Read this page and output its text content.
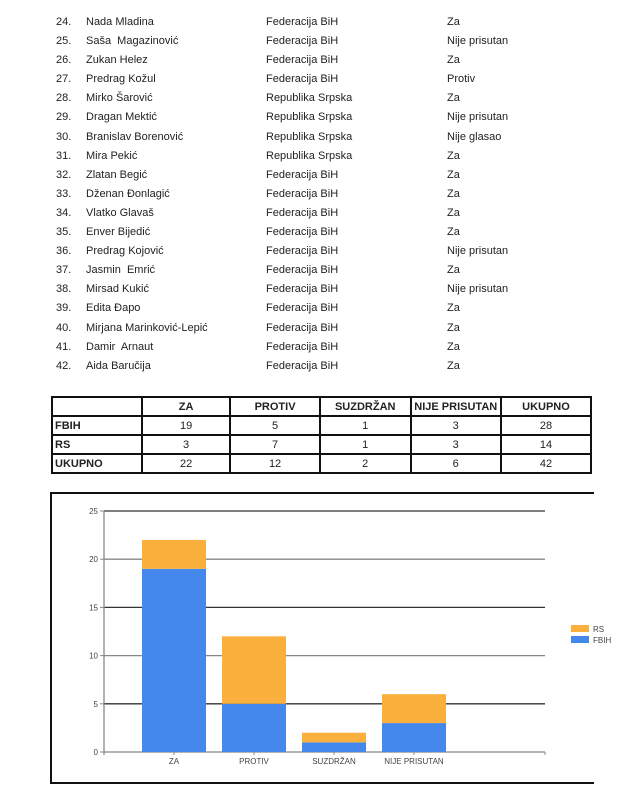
24. Nada Mladina	Federacija BiH	Za
25. Saša  Magazinović	Federacija BiH	Nije prisutan
26. Zukan Helez	Federacija BiH	Za
27. Predrag Kožul	Federacija BiH	Protiv
28. Mirko Šarović	Republika Srpska	Za
29. Dragan Mektić	Republika Srpska	Nije prisutan
30. Branislav Borenović	Republika Srpska	Nije glasao
31. Mira Pekić	Republika Srpska	Za
32. Zlatan Begić	Federacija BiH	Za
33. Dženan Đonlagić	Federacija BiH	Za
34. Vlatko Glavaš	Federacija BiH	Za
35. Enver Bijedić	Federacija BiH	Za
36. Predrag Kojović	Federacija BiH	Nije prisutan
37. Jasmin  Emrić	Federacija BiH	Za
38. Mirsad Kukić	Federacija BiH	Nije prisutan
39. Edita Đapo	Federacija BiH	Za
40. Mirjana Marinković-Lepić	Federacija BiH	Za
41. Damir  Arnaut	Federacija BiH	Za
42. Aida Baručija	Federacija BiH	Za
	ZA	PROTIV	SUZDRŽAN	NIJE PRISUTAN	UKUPNO
FBIH	19	5	1	3	28
RS	3	7	1	3	14
UKUPNO	22	12	2	6	42
0
5
10
15
20
25
ZA	PROTIV	SUZDRŽAN	NIJE PRISUTAN
RS
FBIH
